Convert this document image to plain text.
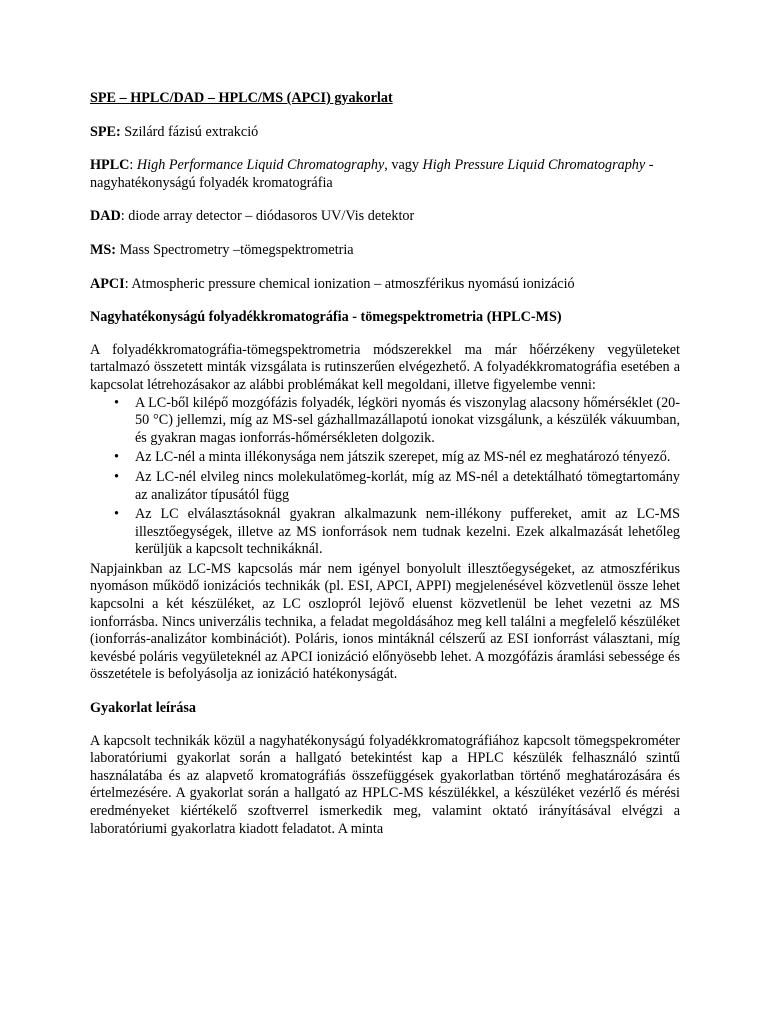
SPE – HPLC/DAD – HPLC/MS (APCI) gyakorlat
SPE: Szilárd fázisú extrakció
HPLC: High Performance Liquid Chromatography, vagy High Pressure Liquid Chromatography - nagyhatékonyságú folyadék kromatográfia
DAD: diode array detector – diódasoros UV/Vis detektor
MS: Mass Spectrometry –tömegspektrometria
APCI: Atmospheric pressure chemical ionization – atmoszférikus nyomású ionizáció
Nagyhatékonyságú folyadékkromatográfia - tömegspektrometria (HPLC-MS)

A folyadékkromatográfia-tömegspektrometria módszerekkel ma már hőérzékeny vegyületeket tartalmazó összetett minták vizsgálata is rutinszerűen elvégezhető. A folyadékkromatográfia esetében a kapcsolat létrehozásakor az alábbi problémákat kell megoldani, illetve figyelembe venni:

• A LC-ből kilépő mozgófázis folyadék, légköri nyomás és viszonylag alacsony hőmérséklet (20-50 °C) jellemzi, míg az MS-sel gázhallmazállapotú ionokat vizsgálunk, a készülék vákuumban, és gyakran magas ionforrás-hőmérsékleten dolgozik.
• Az LC-nél a minta illékonysága nem játszik szerepet, míg az MS-nél ez meghatározó tényező.
• Az LC-nél elvileg nincs molekulatömeg-korlát, míg az MS-nél a detektálható tömegtartomány az analizátor típusától függ
• Az LC elválasztásoknál gyakran alkalmazunk nem-illékony puffereket, amit az LC-MS illesztőegységek, illetve az MS ionforrások nem tudnak kezelni. Ezek alkalmazását lehetőleg kerüljük a kapcsolt technikáknál.

Napjainkban az LC-MS kapcsolás már nem igényel bonyolult illesztőegységeket, az atmoszférikus nyomáson működő ionizációs technikák (pl. ESI, APCI, APPI) megjelenésével közvetlenül össze lehet kapcsolni a két készüléket, az LC oszlopról lejövő eluenst közvetlenül be lehet vezetni az MS ionforrásba. Nincs univerzális technika, a feladat megoldásához meg kell találni a megfelelő készüléket (ionforrás-analizátor kombinációt). Poláris, ionos mintáknál célszerű az ESI ionforrást választani, míg kevésbé poláris vegyületeknél az APCI ionizáció előnyösebb lehet. A mozgófázis áramlási sebessége és összetétele is befolyásolja az ionizáció hatékonyságát.

Gyakorlat leírása

A kapcsolt technikák közül a nagyhatékonyságú folyadékkromatográfiához kapcsolt tömegspekrométer laboratóriumi gyakorlat során a hallgató betekintést kap a HPLC készülék felhasználó szintű használatába és az alapvető kromatográfiás összefüggések gyakorlatban történő meghatározására és értelmezésére. A gyakorlat során a hallgató az HPLC-MS készülékkel, a készüléket vezérlő és mérési eredményeket kiértékelő szoftverrel ismerkedik meg, valamint oktató irányításával elvégzi a laboratóriumi gyakorlatra kiadott feladatot. A minta
